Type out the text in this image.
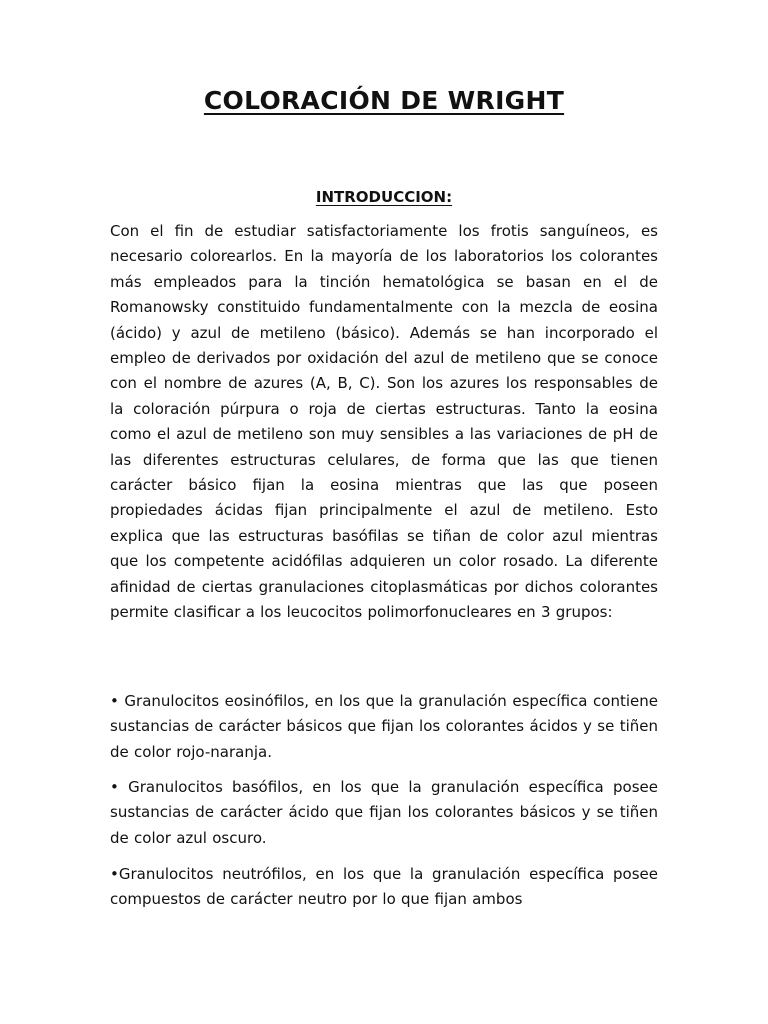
COLORACIÓN DE WRIGHT
INTRODUCCION:

Con el fin de estudiar satisfactoriamente los frotis sanguíneos, es necesario colorearlos. En la mayoría de los laboratorios los colorantes más empleados para la tinción hematológica se basan en el de Romanowsky constituido fundamentalmente con la mezcla de eosina (ácido) y azul de metileno (básico). Además se han incorporado el empleo de derivados por oxidación del azul de metileno que se conoce con el nombre de azures (A, B, C). Son los azures los responsables de la coloración púrpura o roja de ciertas estructuras. Tanto la eosina como el azul de metileno son muy sensibles a las variaciones de pH de las diferentes estructuras celulares, de forma que las que tienen carácter básico fijan la eosina mientras que las que poseen propiedades ácidas fijan principalmente el azul de metileno. Esto explica que las estructuras basófilas se tiñan de color azul mientras que los competente acidófilas adquieren un color rosado. La diferente afinidad de ciertas granulaciones citoplasmáticas por dichos colorantes permite clasificar a los leucocitos polimorfonucleares en 3 grupos:

• Granulocitos eosinófilos, en los que la granulación específica contiene sustancias de carácter básicos que fijan los colorantes ácidos y se tiñen de color rojo-naranja.

• Granulocitos basófilos, en los que la granulación específica posee sustancias de carácter ácido que fijan los colorantes básicos y se tiñen de color azul oscuro.

•Granulocitos neutrófilos, en los que la granulación específica posee compuestos de carácter neutro por lo que fijan ambos
